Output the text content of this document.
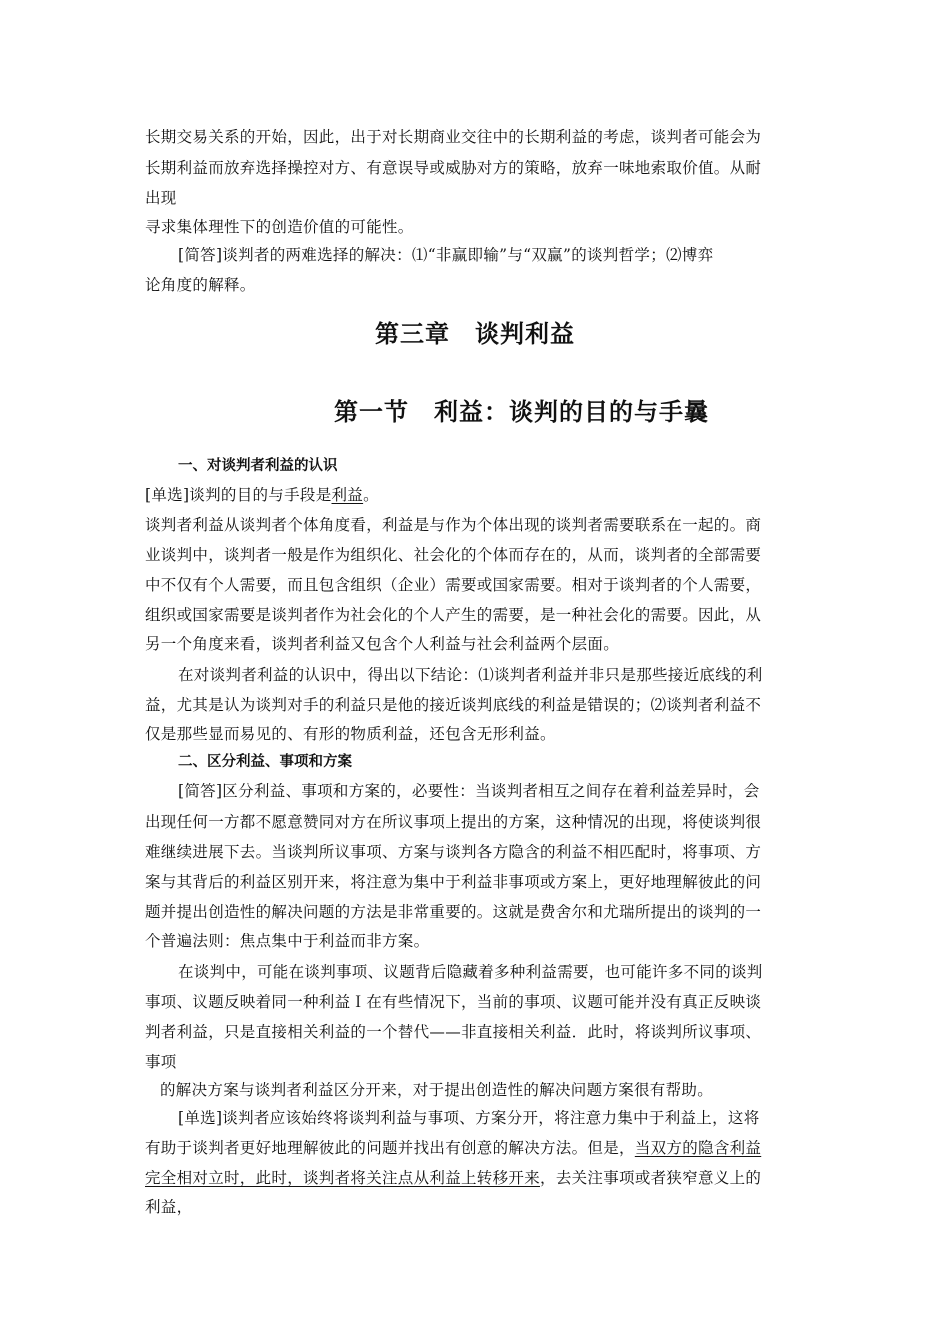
长期交易关系的开始，因此，出于对长期商业交往中的长期利益的考虑，谈判者可能会为
长期利益而放弃选择操控对方、有意误导或威胁对方的策略，放弃一味地索取价值。从耐
出现
寻求集体理性下的创造价值的可能性。
[简答]谈判者的两难选择的解决：⑴“非赢即输”与“双赢”的谈判哲学；⑵博弈
论角度的解释。
第三章　谈判利益
第一节　利益：谈判的目的与手曩
一、对谈判者利益的认识
[单选]谈判的目的与手段是利益。
谈判者利益从谈判者个体角度看，利益是与作为个体出现的谈判者需要联系在一起的。商
业谈判中，谈判者一般是作为组织化、社会化的个体而存在的，从而，谈判者的全部需要
中不仅有个人需要，而且包含组织（企业）需要或国家需要。相对于谈判者的个人需要，
组织或国家需要是谈判者作为社会化的个人产生的需要，是一种社会化的需要。因此，从
另一个角度来看，谈判者利益又包含个人利益与社会利益两个层面。
在对谈判者利益的认识中，得出以下结论：⑴谈判者利益并非只是那些接近底线的利
益，尤其是认为谈判对手的利益只是他的接近谈判底线的利益是错误的；⑵谈判者利益不
仅是那些显而易见的、有形的物质利益，还包含无形利益。
二、区分利益、事项和方案
[简答]区分利益、事项和方案的，必要性：当谈判者相互之间存在着利益差异时，会
出现任何一方都不愿意赞同对方在所议事项上提出的方案，这种情况的出现，将使谈判很
难继续进展下去。当谈判所议事项、方案与谈判各方隐含的利益不相匹配时，将事项、方
案与其背后的利益区别开来，将注意为集中于利益非事项或方案上，更好地理解彼此的问
题并提出创造性的解决问题的方法是非常重要的。这就是费舍尔和尤瑞所提出的谈判的一
个普遍法则：焦点集中于利益而非方案。
在谈判中，可能在谈判事项、议题背后隐藏着多种利益需要，也可能许多不同的谈判
事项、议题反映着同一种利益Ｉ在有些情况下，当前的事项、议题可能并没有真正反映谈
判者利益，只是直接相关利益的一个替代——非直接相关利益．此时，将谈判所议事项、
事项
的解决方案与谈判者利益区分开来，对于提出创造性的解决问题方案很有帮助。
[单选]谈判者应该始终将谈判利益与事项、方案分开，将注意力集中于利益上，这将
有助于谈判者更好地理解彼此的问题并找出有创意的解决方法。但是，当双方的隐含利益
完全相对立时，此时，谈判者将关注点从利益上转移开来，去关注事项或者狭窄意义上的
利益，
